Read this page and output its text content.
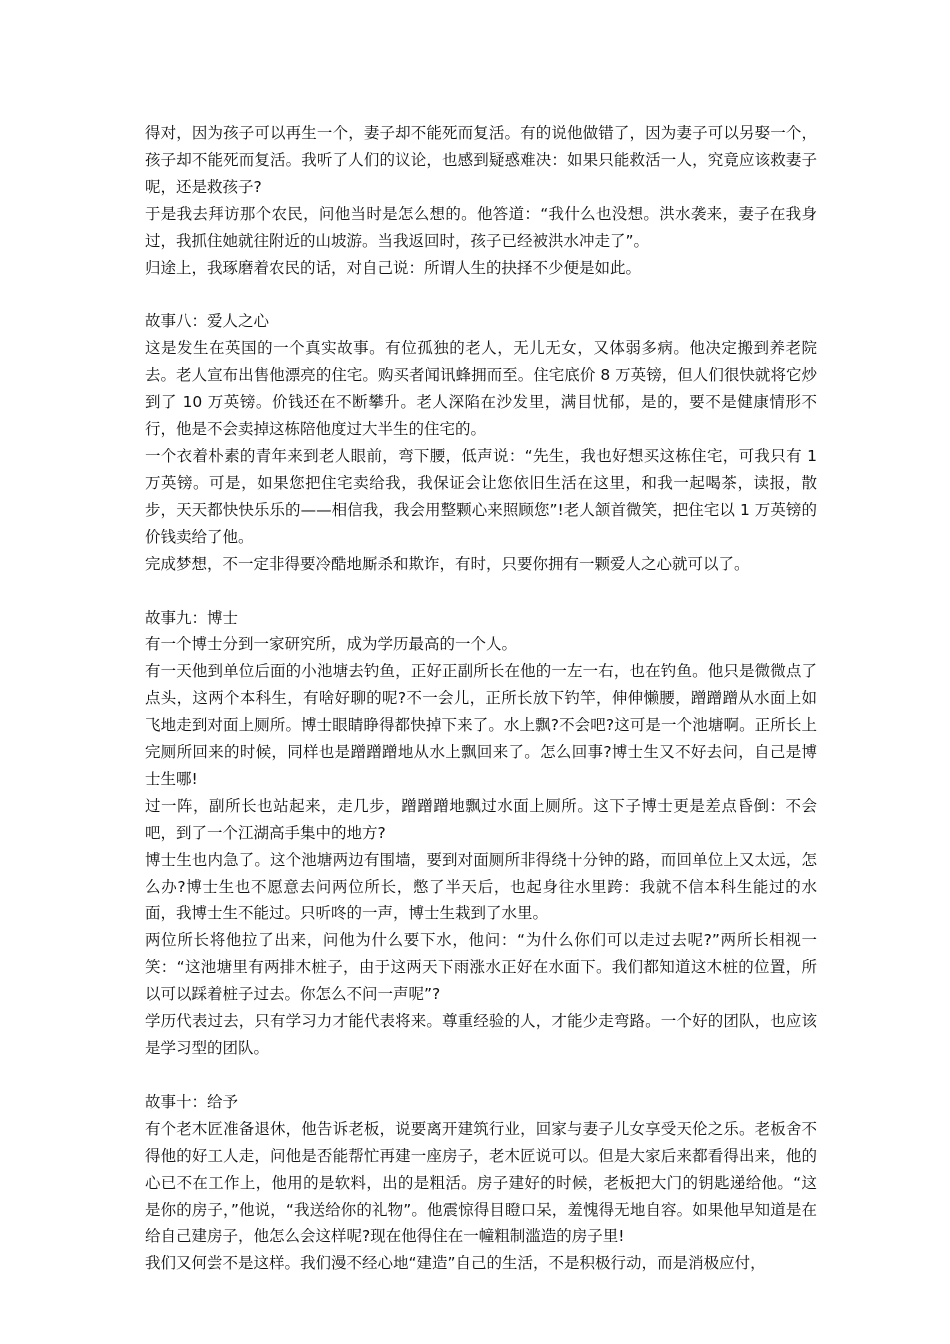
得对，因为孩子可以再生一个，妻子却不能死而复活。有的说他做错了，因为妻子可以另娶一个，孩子却不能死而复活。我听了人们的议论，也感到疑惑难决：如果只能救活一人，究竟应该救妻子呢，还是救孩子?

于是我去拜访那个农民，问他当时是怎么想的。他答道：“我什么也没想。洪水袭来，妻子在我身过，我抓住她就往附近的山坡游。当我返回时，孩子已经被洪水冲走了”。

归途上，我琢磨着农民的话，对自己说：所谓人生的抉择不少便是如此。

故事八：爱人之心

这是发生在英国的一个真实故事。有位孤独的老人，无儿无女，又体弱多病。他决定搬到养老院去。老人宣布出售他漂亮的住宅。购买者闻讯蜂拥而至。住宅底价 8 万英镑，但人们很快就将它炒到了 10 万英镑。价钱还在不断攀升。老人深陷在沙发里，满目忧郁，是的，要不是健康情形不行，他是不会卖掉这栋陪他度过大半生的住宅的。

一个衣着朴素的青年来到老人眼前，弯下腰，低声说：“先生，我也好想买这栋住宅，可我只有 1 万英镑。可是，如果您把住宅卖给我，我保证会让您依旧生活在这里，和我一起喝茶，读报，散步，天天都快快乐乐的——相信我，我会用整颗心来照顾您”!老人颔首微笑，把住宅以 1 万英镑的价钱卖给了他。

完成梦想，不一定非得要冷酷地厮杀和欺诈，有时，只要你拥有一颗爱人之心就可以了。

故事九：博士

有一个博士分到一家研究所，成为学历最高的一个人。

有一天他到单位后面的小池塘去钓鱼，正好正副所长在他的一左一右，也在钓鱼。他只是微微点了点头，这两个本科生，有啥好聊的呢?不一会儿，正所长放下钓竿，伸伸懒腰，蹭蹭蹭从水面上如飞地走到对面上厕所。博士眼睛睁得都快掉下来了。水上飘?不会吧?这可是一个池塘啊。正所长上完厕所回来的时候，同样也是蹭蹭蹭地从水上飘回来了。怎么回事?博士生又不好去问，自己是博士生哪!

过一阵，副所长也站起来，走几步，蹭蹭蹭地飘过水面上厕所。这下子博士更是差点昏倒：不会吧，到了一个江湖高手集中的地方?

博士生也内急了。这个池塘两边有围墙，要到对面厕所非得绕十分钟的路，而回单位上又太远，怎么办?博士生也不愿意去问两位所长，憋了半天后，也起身往水里跨：我就不信本科生能过的水面，我博士生不能过。只听咚的一声，博士生栽到了水里。

两位所长将他拉了出来，问他为什么要下水，他问：“为什么你们可以走过去呢?”两所长相视一笑：“这池塘里有两排木桩子，由于这两天下雨涨水正好在水面下。我们都知道这木桩的位置，所以可以踩着桩子过去。你怎么不问一声呢”?

学历代表过去，只有学习力才能代表将来。尊重经验的人，才能少走弯路。一个好的团队，也应该是学习型的团队。

故事十：给予

有个老木匠准备退休，他告诉老板，说要离开建筑行业，回家与妻子儿女享受天伦之乐。老板舍不得他的好工人走，问他是否能帮忙再建一座房子，老木匠说可以。但是大家后来都看得出来，他的心已不在工作上，他用的是软料，出的是粗活。房子建好的时候，老板把大门的钥匙递给他。“这是你的房子，”他说，“我送给你的礼物”。他震惊得目瞪口呆，羞愧得无地自容。如果他早知道是在给自己建房子，他怎么会这样呢?现在他得住在一幢粗制滥造的房子里!

我们又何尝不是这样。我们漫不经心地“建造”自己的生活，不是积极行动，而是消极应付，
